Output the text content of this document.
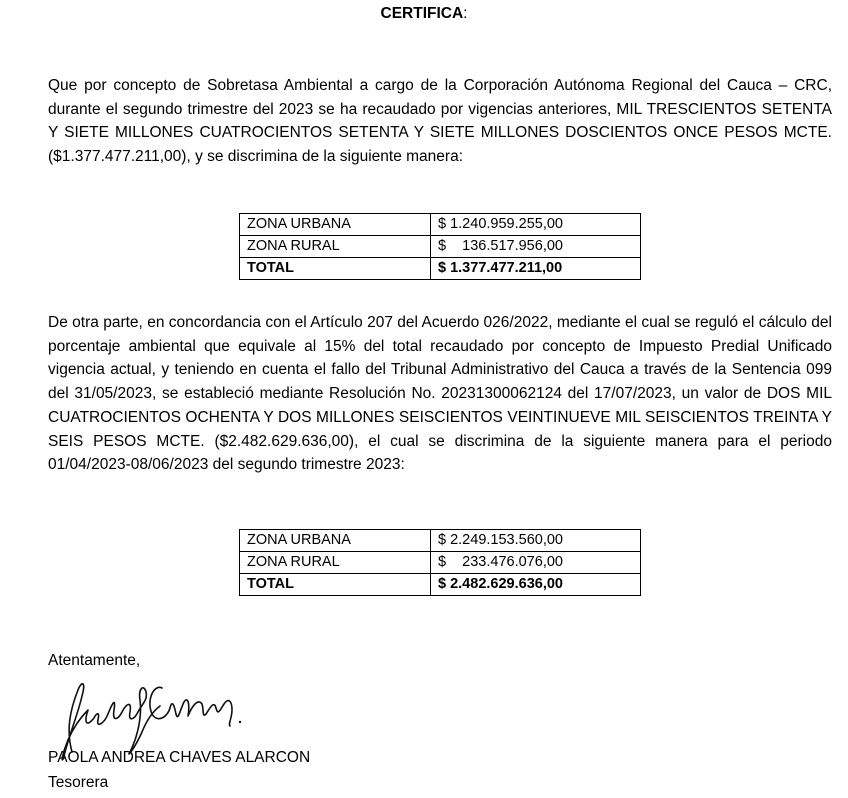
CERTIFICA:

Que por concepto de Sobretasa Ambiental a cargo de la Corporación Autónoma Regional del Cauca – CRC, durante el segundo trimestre del 2023 se ha recaudado por vigencias anteriores, MIL TRESCIENTOS SETENTA Y SIETE MILLONES CUATROCIENTOS SETENTA Y SIETE MILLONES DOSCIENTOS ONCE PESOS MCTE. ($1.377.477.211,00), y se discrimina de la siguiente manera:

ZONA URBANA	$ 1.240.959.255,00
ZONA RURAL	$    136.517.956,00
TOTAL	$ 1.377.477.211,00

De otra parte, en concordancia con el Artículo 207 del Acuerdo 026/2022, mediante el cual se reguló el cálculo del porcentaje ambiental que equivale al 15% del total recaudado por concepto de Impuesto Predial Unificado vigencia actual, y teniendo en cuenta el fallo del Tribunal Administrativo del Cauca a través de la Sentencia 099 del 31/05/2023, se estableció mediante Resolución No. 20231300062124 del 17/07/2023, un valor de DOS MIL CUATROCIENTOS OCHENTA Y DOS MILLONES SEISCIENTOS VEINTINUEVE MIL SEISCIENTOS TREINTA Y SEIS PESOS MCTE. ($2.482.629.636,00), el cual se discrimina de la siguiente manera para el periodo 01/04/2023-08/06/2023 del segundo trimestre 2023:

ZONA URBANA	$ 2.249.153.560,00
ZONA RURAL	$    233.476.076,00
TOTAL	$ 2.482.629.636,00
Atentamente,
PAOLA ANDREA CHAVES ALARCON
Tesorera
